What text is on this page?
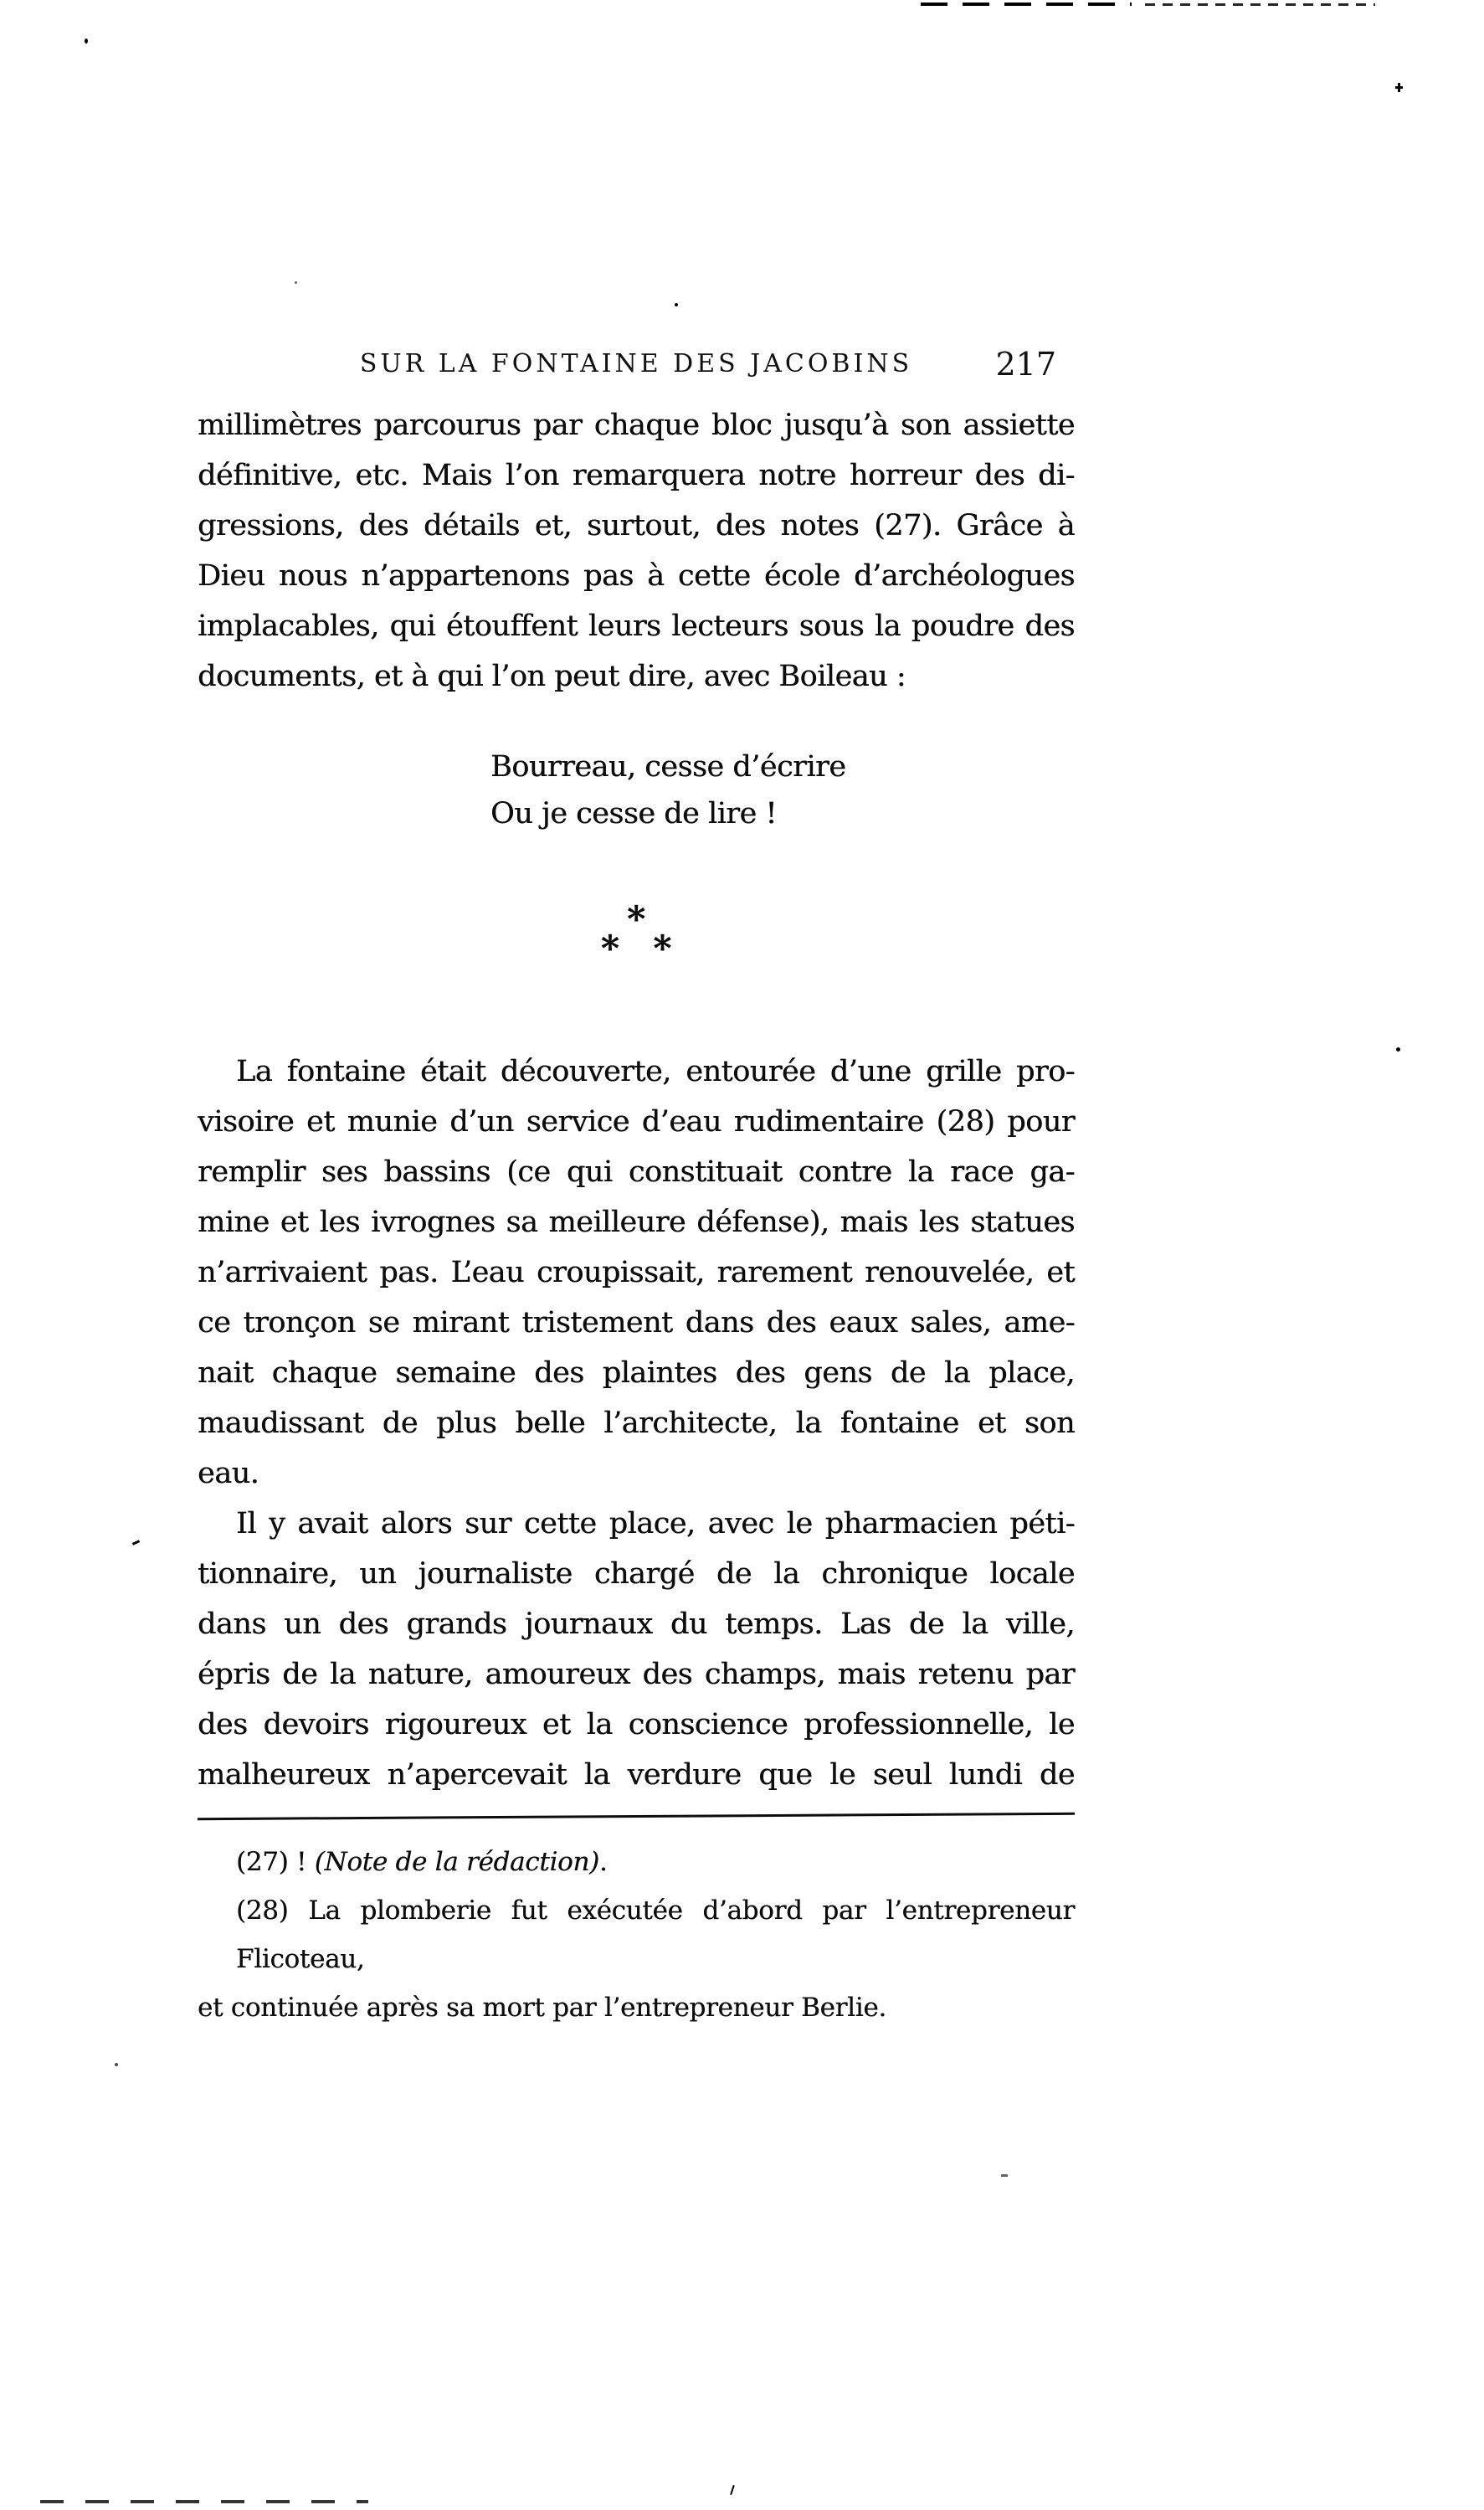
SUR LA FONTAINE DES JACOBINS	217
millimètres parcourus par chaque bloc jusqu’à son assiette
définitive, etc. Mais l’on remarquera notre horreur des di-
gressions, des détails et, surtout, des notes (27). Grâce à
Dieu nous n’appartenons pas à cette école d’archéologues
implacables, qui étouffent leurs lecteurs sous la poudre des
documents, et à qui l’on peut dire, avec Boileau :
Bourreau, cesse d’écrire
Ou je cesse de lire !
*
* *
La fontaine était découverte, entourée d’une grille pro-
visoire et munie d’un service d’eau rudimentaire (28) pour
remplir ses bassins (ce qui constituait contre la race ga-
mine et les ivrognes sa meilleure défense), mais les statues
n’arrivaient pas. L’eau croupissait, rarement renouvelée, et
ce tronçon se mirant tristement dans des eaux sales, ame-
nait chaque semaine des plaintes des gens de la place,
maudissant de plus belle l’architecte, la fontaine et son
eau.
Il y avait alors sur cette place, avec le pharmacien péti-
tionnaire, un journaliste chargé de la chronique locale
dans un des grands journaux du temps. Las de la ville,
épris de la nature, amoureux des champs, mais retenu par
des devoirs rigoureux et la conscience professionnelle, le
malheureux n’apercevait la verdure que le seul lundi de
(27) ! (Note de la rédaction).
(28) La plomberie fut exécutée d’abord par l’entrepreneur Flicoteau,
et continuée après sa mort par l’entrepreneur Berlie.
